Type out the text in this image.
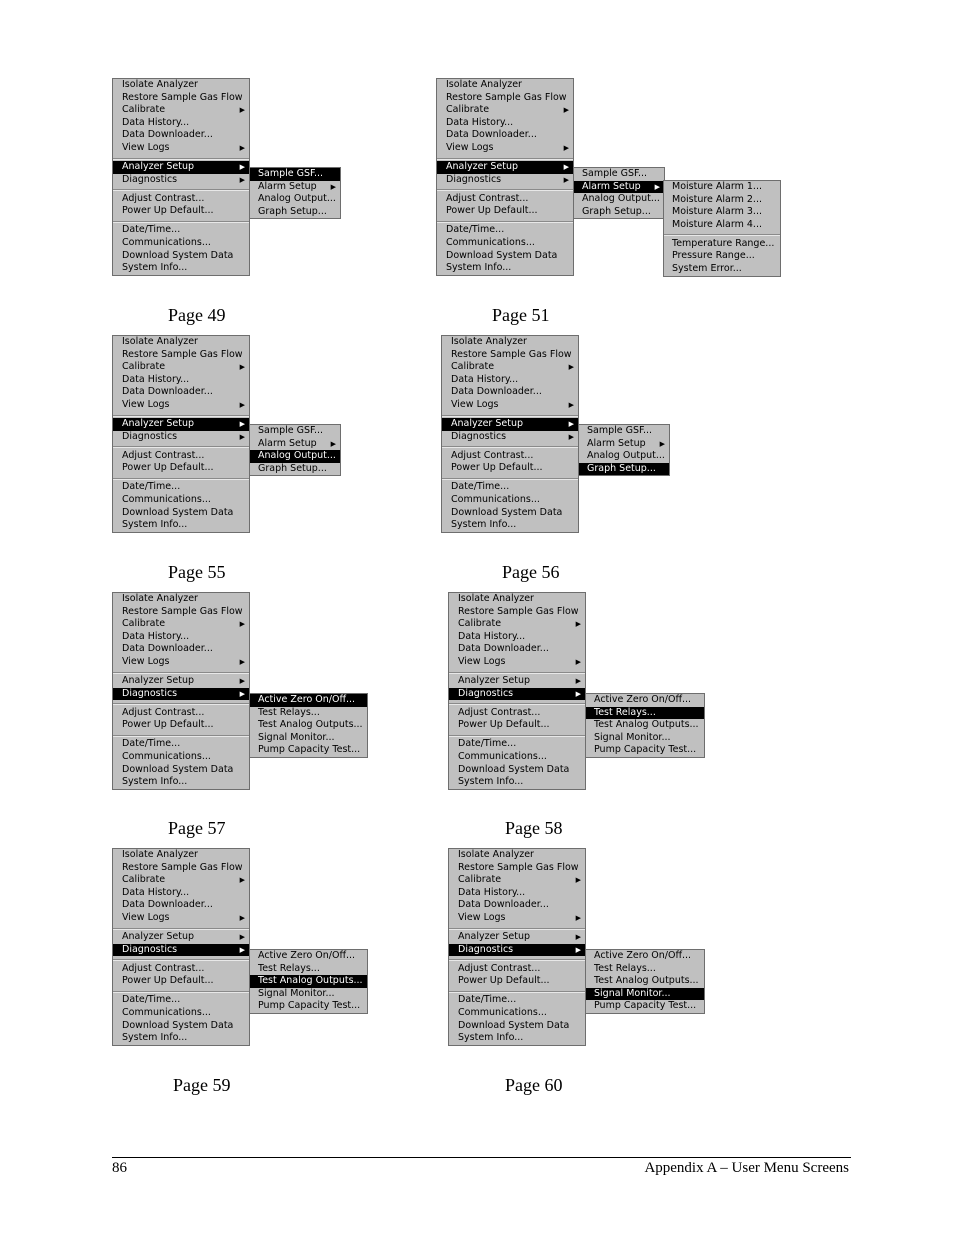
Isolate Analyzer
Restore Sample Gas Flow
Calibrate	▶
Data History...
Data Downloader...
View Logs	▶
Analyzer Setup	▶
Diagnostics	▶
Adjust Contrast...
Power Up Default...
Date/Time...
Communications...
Download System Data
System Info...
Sample GSF...
Alarm Setup ▶
Analog Output...
Graph Setup...
Page 49
Isolate Analyzer
Restore Sample Gas Flow
Calibrate	▶
Data History...
Data Downloader...
View Logs	▶
Analyzer Setup	▶
Diagnostics	▶
Adjust Contrast...
Power Up Default...
Date/Time...
Communications...
Download System Data
System Info...
Sample GSF...
Alarm Setup ▶
Analog Output...
Graph Setup...
Moisture Alarm 1...
Moisture Alarm 2...
Moisture Alarm 3...
Moisture Alarm 4...
Temperature Range...
Pressure Range...
System Error...
Page 51
Isolate Analyzer
Restore Sample Gas Flow
Calibrate	▶
Data History...
Data Downloader...
View Logs	▶
Analyzer Setup	▶
Diagnostics	▶
Adjust Contrast...
Power Up Default...
Date/Time...
Communications...
Download System Data
System Info...
Sample GSF...
Alarm Setup ▶
Analog Output...
Graph Setup...
Page 55
Isolate Analyzer
Restore Sample Gas Flow
Calibrate	▶
Data History...
Data Downloader...
View Logs	▶
Analyzer Setup	▶
Diagnostics	▶
Adjust Contrast...
Power Up Default...
Date/Time...
Communications...
Download System Data
System Info...
Sample GSF...
Alarm Setup ▶
Analog Output...
Graph Setup...
Page 56
Isolate Analyzer
Restore Sample Gas Flow
Calibrate	▶
Data History...
Data Downloader...
View Logs	▶
Analyzer Setup	▶
Diagnostics	▶
Adjust Contrast...
Power Up Default...
Date/Time...
Communications...
Download System Data
System Info...
Active Zero On/Off...
Test Relays...
Test Analog Outputs...
Signal Monitor...
Pump Capacity Test...
Page 57
Isolate Analyzer
Restore Sample Gas Flow
Calibrate	▶
Data History...
Data Downloader...
View Logs	▶
Analyzer Setup	▶
Diagnostics	▶
Adjust Contrast...
Power Up Default...
Date/Time...
Communications...
Download System Data
System Info...
Active Zero On/Off...
Test Relays...
Test Analog Outputs...
Signal Monitor...
Pump Capacity Test...
Page 58
Isolate Analyzer
Restore Sample Gas Flow
Calibrate	▶
Data History...
Data Downloader...
View Logs	▶
Analyzer Setup	▶
Diagnostics	▶
Adjust Contrast...
Power Up Default...
Date/Time...
Communications...
Download System Data
System Info...
Active Zero On/Off...
Test Relays...
Test Analog Outputs...
Signal Monitor...
Pump Capacity Test...
Page 59
Isolate Analyzer
Restore Sample Gas Flow
Calibrate	▶
Data History...
Data Downloader...
View Logs	▶
Analyzer Setup	▶
Diagnostics	▶
Adjust Contrast...
Power Up Default...
Date/Time...
Communications...
Download System Data
System Info...
Active Zero On/Off...
Test Relays...
Test Analog Outputs...
Signal Monitor...
Pump Capacity Test...
Page 60
86	Appendix A – User Menu Screens
